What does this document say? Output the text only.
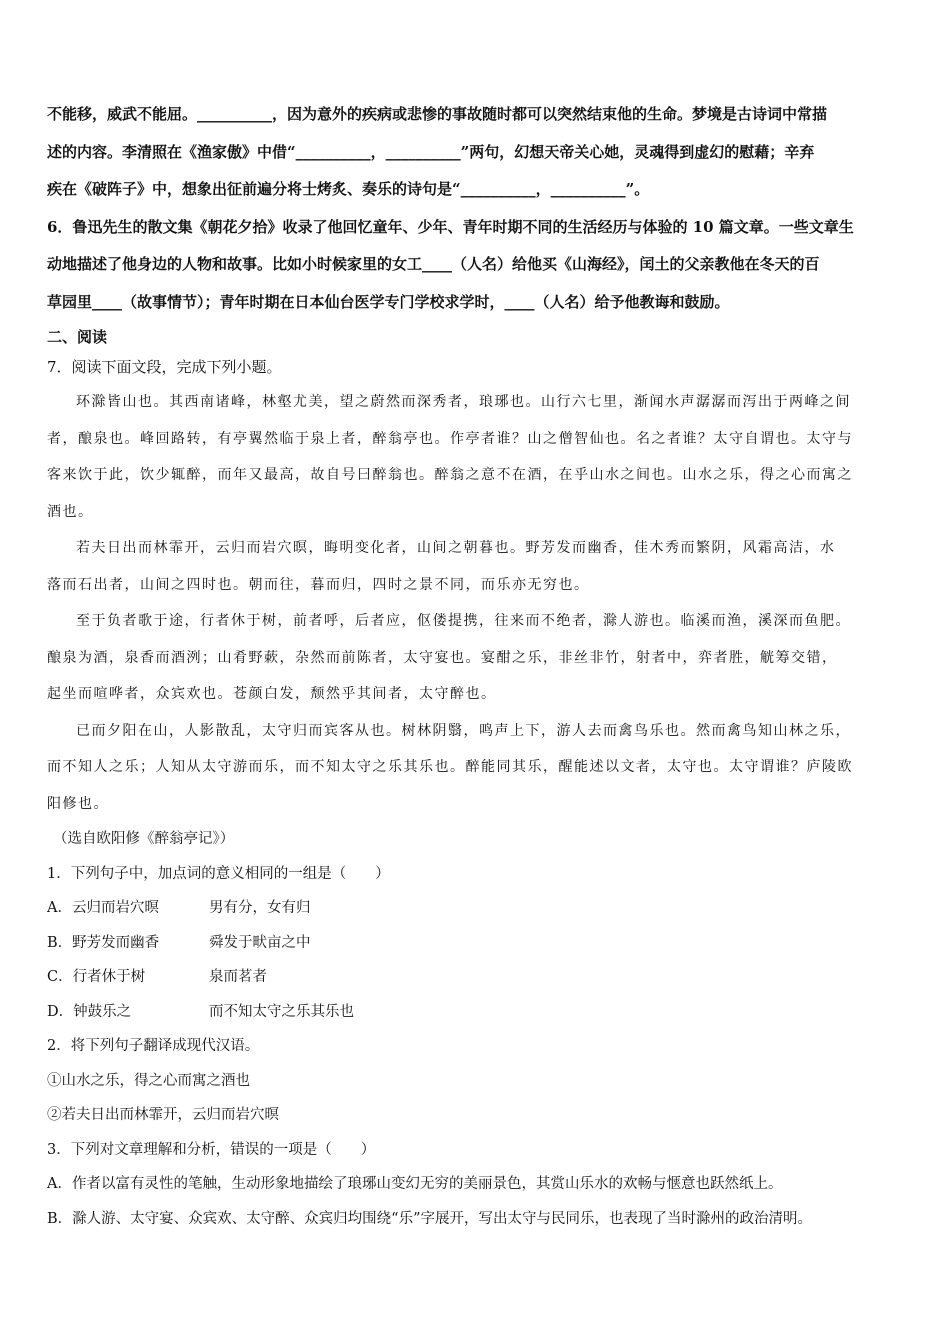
不能移，威武不能屈。__________，因为意外的疾病或悲惨的事故随时都可以突然结束他的生命。梦境是古诗词中常描
述的内容。李清照在《渔家傲》中借“__________，__________”两句，幻想天帝关心她，灵魂得到虚幻的慰藉；辛弃
疾在《破阵子》中，想象出征前遍分将士烤炙、奏乐的诗句是“__________，__________”。
6．鲁迅先生的散文集《朝花夕拾》收录了他回忆童年、少年、青年时期不同的生活经历与体验的 10 篇文章。一些文章生
动地描述了他身边的人物和故事。比如小时候家里的女工____（人名）给他买《山海经》，闰土的父亲教他在冬天的百
草园里____（故事情节）；青年时期在日本仙台医学专门学校求学时，____（人名）给予他教诲和鼓励。
二、阅读
7．阅读下面文段，完成下列小题。
环滁皆山也。其西南诸峰，林壑尤美，望之蔚然而深秀者，琅琊也。山行六七里，渐闻水声潺潺而泻出于两峰之间
者，酿泉也。峰回路转，有亭翼然临于泉上者，醉翁亭也。作亭者谁？山之僧智仙也。名之者谁？太守自谓也。太守与
客来饮于此，饮少辄醉，而年又最高，故自号曰醉翁也。醉翁之意不在酒，在乎山水之间也。山水之乐，得之心而寓之
酒也。
若夫日出而林霏开，云归而岩穴暝，晦明变化者，山间之朝暮也。野芳发而幽香，佳木秀而繁阴，风霜高洁，水
落而石出者，山间之四时也。朝而往，暮而归，四时之景不同，而乐亦无穷也。
至于负者歌于途，行者休于树，前者呼，后者应，伛偻提携，往来而不绝者，滁人游也。临溪而渔，溪深而鱼肥。
酿泉为酒，泉香而酒洌；山肴野蔌，杂然而前陈者，太守宴也。宴酣之乐，非丝非竹，射者中，弈者胜，觥筹交错，
起坐而喧哗者，众宾欢也。苍颜白发，颓然乎其间者，太守醉也。
已而夕阳在山，人影散乱，太守归而宾客从也。树林阴翳，鸣声上下，游人去而禽鸟乐也。然而禽鸟知山林之乐，
而不知人之乐；人知从太守游而乐，而不知太守之乐其乐也。醉能同其乐，醒能述以文者，太守也。太守谓谁？庐陵欧
阳修也。
（选自欧阳修《醉翁亭记》）
1．下列句子中，加点词的意义相同的一组是（　　）
A．云归而岩穴暝	男有分，女有归
B．野芳发而幽香	舜发于畎亩之中
C．行者休于树	泉而茗者
D．钟鼓乐之	而不知太守之乐其乐也
2．将下列句子翻译成现代汉语。
①山水之乐，得之心而寓之酒也
②若夫日出而林霏开，云归而岩穴暝
3．下列对文章理解和分析，错误的一项是（　　）
A．作者以富有灵性的笔触，生动形象地描绘了琅琊山变幻无穷的美丽景色，其赏山乐水的欢畅与惬意也跃然纸上。
B．滁人游、太守宴、众宾欢、太守醉、众宾归均围绕“乐”字展开，写出太守与民同乐，也表现了当时滁州的政治清明。
